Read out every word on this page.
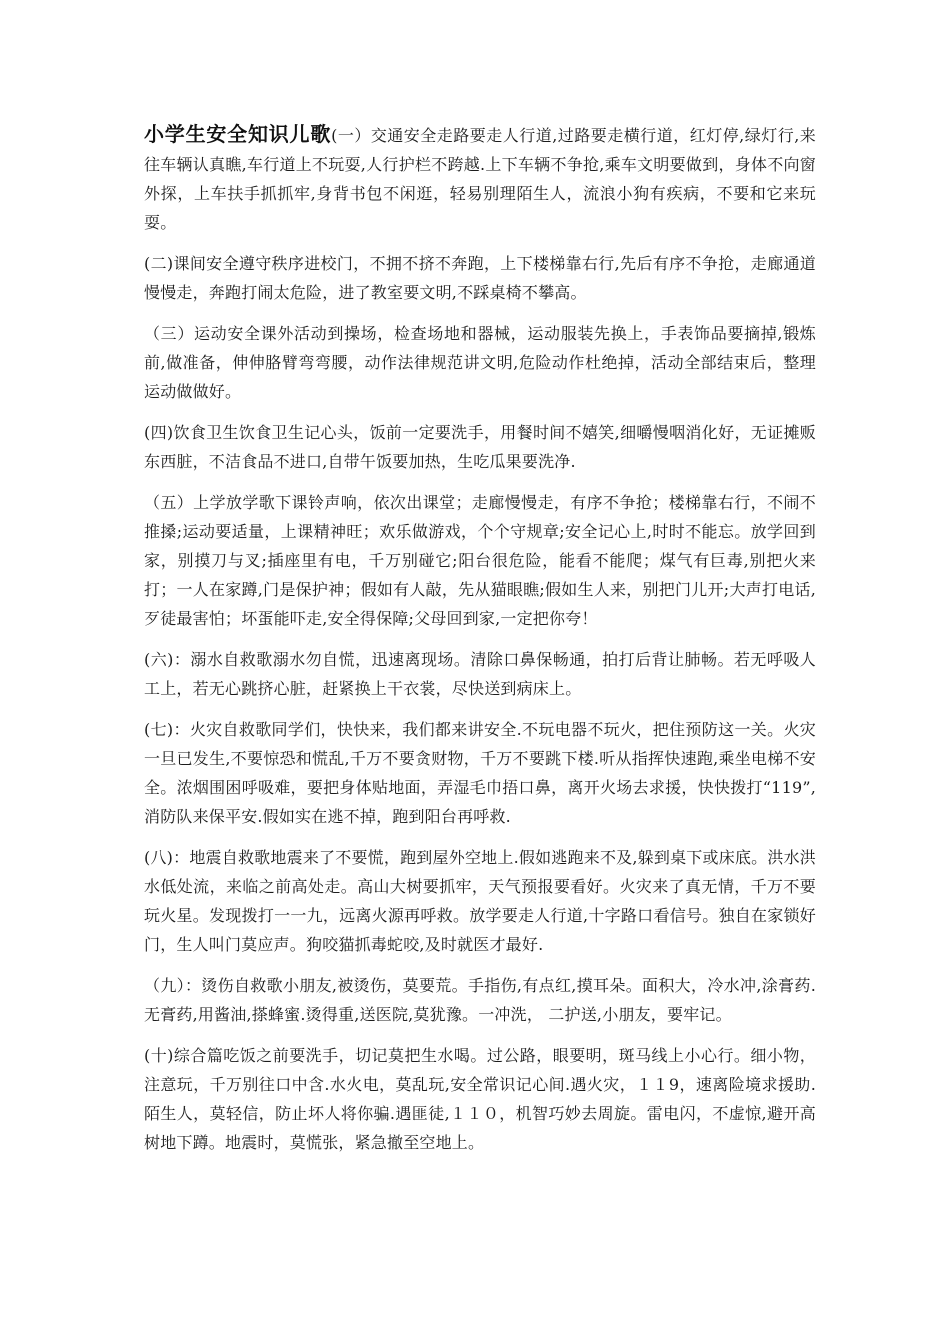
小学生安全知识儿歌(一）交通安全走路要走人行道,过路要走横行道，红灯停,绿灯行,来往车辆认真瞧,车行道上不玩耍,人行护栏不跨越.上下车辆不争抢,乘车文明要做到，身体不向窗外探，上车扶手抓抓牢,身背书包不闲逛，轻易别理陌生人，流浪小狗有疾病，不要和它来玩耍。

(二)课间安全遵守秩序进校门，不拥不挤不奔跑，上下楼梯靠右行,先后有序不争抢，走廊通道慢慢走，奔跑打闹太危险，进了教室要文明,不踩桌椅不攀高。

（三）运动安全课外活动到操场，检查场地和器械，运动服装先换上，手表饰品要摘掉,锻炼前,做准备，伸伸胳臂弯弯腰，动作法律规范讲文明,危险动作杜绝掉，活动全部结束后，整理运动做做好。

(四)饮食卫生饮食卫生记心头，饭前一定要洗手，用餐时间不嬉笑,细嚼慢咽消化好，无证摊贩东西脏，不洁食品不进口,自带午饭要加热，生吃瓜果要洗净.

（五）上学放学歌下课铃声响，依次出课堂；走廊慢慢走，有序不争抢；楼梯靠右行，不闹不推搡;运动要适量，上课精神旺；欢乐做游戏，个个守规章;安全记心上,时时不能忘。放学回到家，别摸刀与叉;插座里有电，千万别碰它;阳台很危险，能看不能爬；煤气有巨毒,别把火来打；一人在家蹲,门是保护神；假如有人敲，先从猫眼瞧;假如生人来，别把门儿开;大声打电话,歹徒最害怕；坏蛋能吓走,安全得保障;父母回到家,一定把你夸！

(六)：溺水自救歌溺水勿自慌，迅速离现场。清除口鼻保畅通，拍打后背让肺畅。若无呼吸人工上，若无心跳挤心脏，赶紧换上干衣裳，尽快送到病床上。

(七)：火灾自救歌同学们，快快来，我们都来讲安全.不玩电器不玩火，把住预防这一关。火灾一旦已发生,不要惊恐和慌乱,千万不要贪财物，千万不要跳下楼.听从指挥快速跑,乘坐电梯不安全。浓烟围困呼吸难，要把身体贴地面，弄湿毛巾捂口鼻，离开火场去求援，快快拨打“119”,消防队来保平安.假如实在逃不掉，跑到阳台再呼救.

(八)：地震自救歌地震来了不要慌，跑到屋外空地上.假如逃跑来不及,躲到桌下或床底。洪水洪水低处流，来临之前高处走。高山大树要抓牢，天气预报要看好。火灾来了真无情，千万不要玩火星。发现拨打一一九，远离火源再呼救。放学要走人行道,十字路口看信号。独自在家锁好门，生人叫门莫应声。狗咬猫抓毒蛇咬,及时就医才最好.

（九）：烫伤自救歌小朋友,被烫伤，莫要荒。手指伤,有点红,摸耳朵。面积大，冷水冲,涂膏药.无膏药,用酱油,搽蜂蜜.烫得重,送医院,莫犹豫。一冲洗， 二护送,小朋友，要牢记。

(十)综合篇吃饭之前要洗手，切记莫把生水喝。过公路，眼要明，斑马线上小心行。细小物，注意玩，千万别往口中含.水火电，莫乱玩,安全常识记心间.遇火灾，１１9，速离险境求援助.陌生人，莫轻信，防止坏人将你骗.遇匪徒,１１０，机智巧妙去周旋。雷电闪，不虚惊,避开高树地下蹲。地震时，莫慌张，紧急撤至空地上。
